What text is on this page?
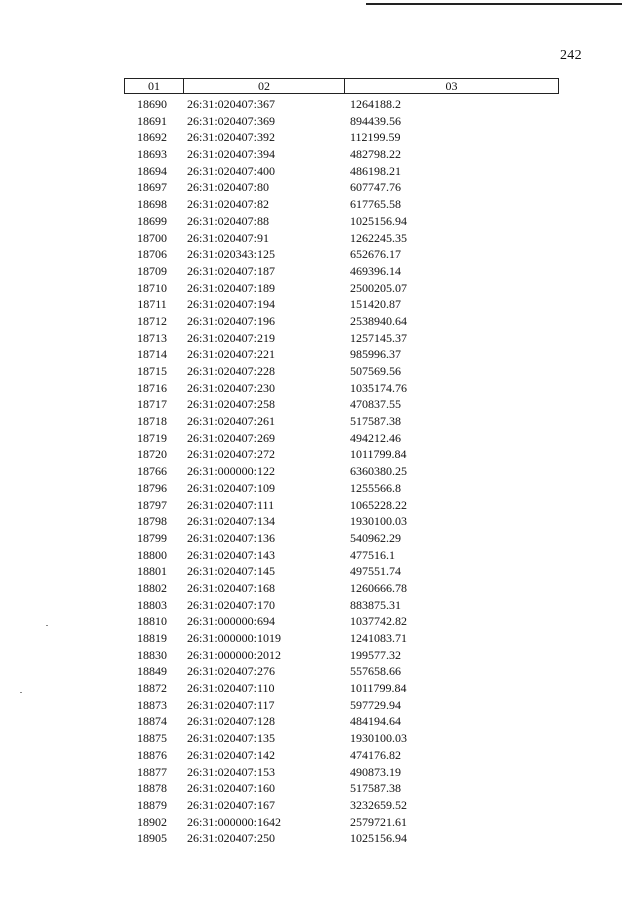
242
01	02	03
18690	26:31:020407:367	1264188.2
18691	26:31:020407:369	894439.56
18692	26:31:020407:392	112199.59
18693	26:31:020407:394	482798.22
18694	26:31:020407:400	486198.21
18697	26:31:020407:80	607747.76
18698	26:31:020407:82	617765.58
18699	26:31:020407:88	1025156.94
18700	26:31:020407:91	1262245.35
18706	26:31:020343:125	652676.17
18709	26:31:020407:187	469396.14
18710	26:31:020407:189	2500205.07
18711	26:31:020407:194	151420.87
18712	26:31:020407:196	2538940.64
18713	26:31:020407:219	1257145.37
18714	26:31:020407:221	985996.37
18715	26:31:020407:228	507569.56
18716	26:31:020407:230	1035174.76
18717	26:31:020407:258	470837.55
18718	26:31:020407:261	517587.38
18719	26:31:020407:269	494212.46
18720	26:31:020407:272	1011799.84
18766	26:31:000000:122	6360380.25
18796	26:31:020407:109	1255566.8
18797	26:31:020407:111	1065228.22
18798	26:31:020407:134	1930100.03
18799	26:31:020407:136	540962.29
18800	26:31:020407:143	477516.1
18801	26:31:020407:145	497551.74
18802	26:31:020407:168	1260666.78
18803	26:31:020407:170	883875.31
18810	26:31:000000:694	1037742.82
18819	26:31:000000:1019	1241083.71
18830	26:31:000000:2012	199577.32
18849	26:31:020407:276	557658.66
18872	26:31:020407:110	1011799.84
18873	26:31:020407:117	597729.94
18874	26:31:020407:128	484194.64
18875	26:31:020407:135	1930100.03
18876	26:31:020407:142	474176.82
18877	26:31:020407:153	490873.19
18878	26:31:020407:160	517587.38
18879	26:31:020407:167	3232659.52
18902	26:31:000000:1642	2579721.61
18905	26:31:020407:250	1025156.94
